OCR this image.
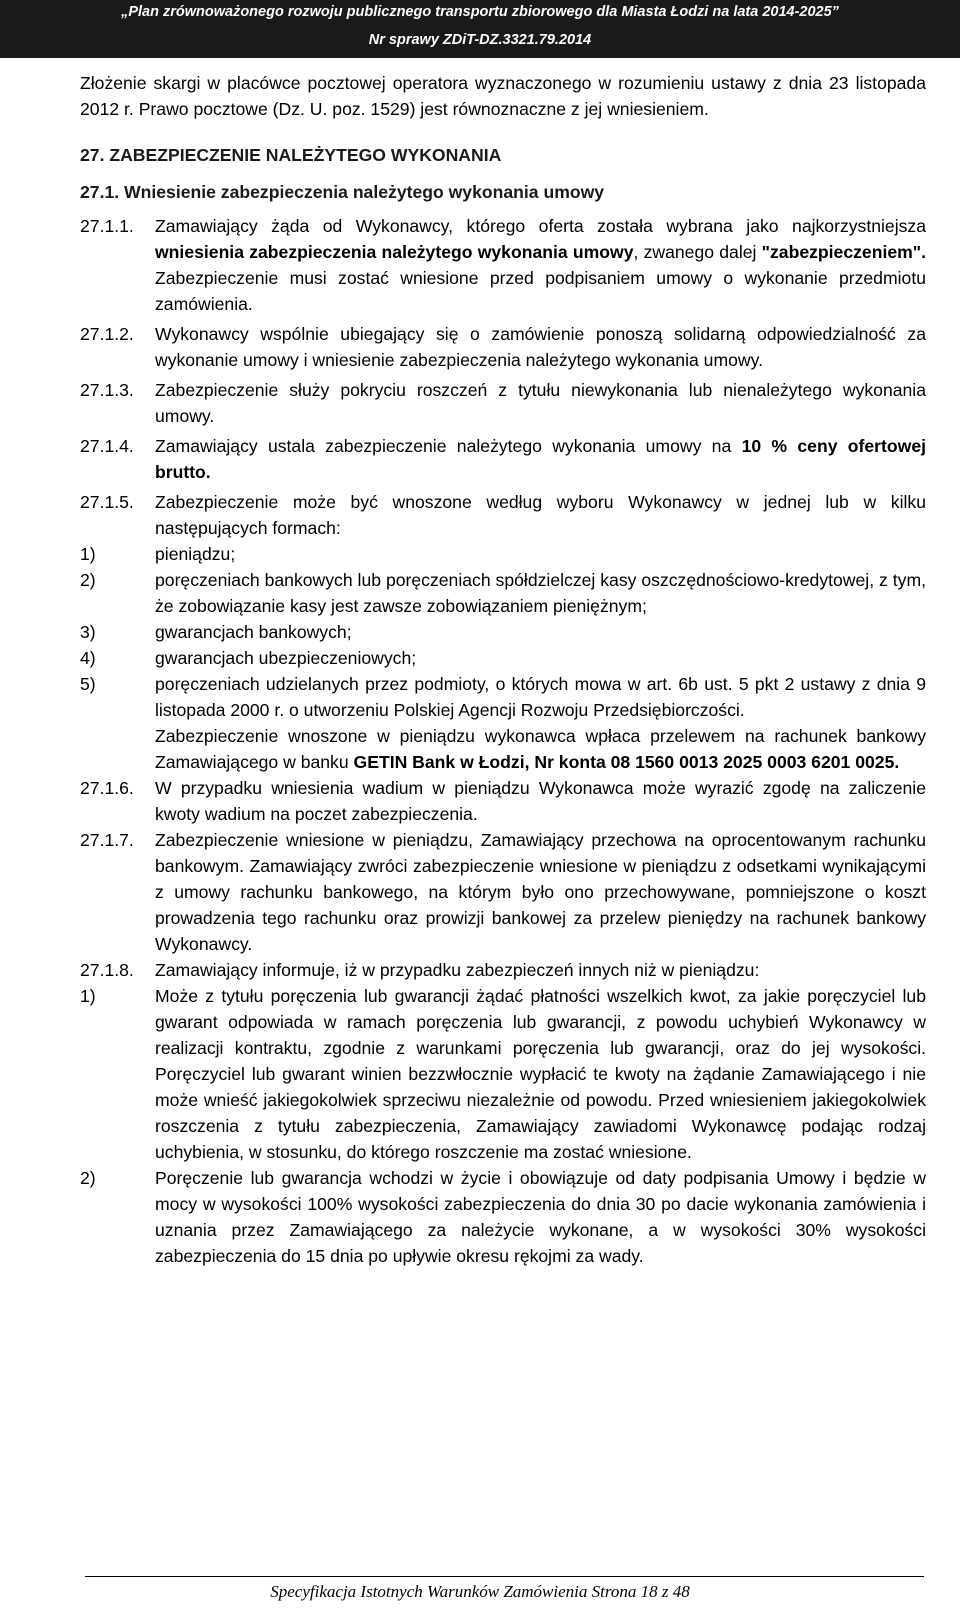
„Plan zrównoważonego rozwoju publicznego transportu zbiorowego dla Miasta Łodzi na lata 2014-2025”
Nr sprawy ZDiT-DZ.3321.79.2014

Złożenie skargi w placówce pocztowej operatora wyznaczonego w rozumieniu ustawy z dnia 23 listopada 2012 r. Prawo pocztowe (Dz. U. poz. 1529) jest równoznaczne z jej wniesieniem.

27. ZABEZPIECZENIE NALEŻYTEGO WYKONANIA

27.1. Wniesienie zabezpieczenia należytego wykonania umowy

27.1.1.	Zamawiający żąda od Wykonawcy, którego oferta została wybrana jako najkorzystniejsza wniesienia zabezpieczenia należytego wykonania umowy, zwanego dalej "zabezpieczeniem". Zabezpieczenie musi zostać wniesione przed podpisaniem umowy o wykonanie przedmiotu zamówienia.
27.1.2.	Wykonawcy wspólnie ubiegający się o zamówienie ponoszą solidarną odpowiedzialność za wykonanie umowy i wniesienie zabezpieczenia należytego wykonania umowy.
27.1.3.	Zabezpieczenie służy pokryciu roszczeń z tytułu niewykonania lub nienależytego wykonania umowy.
27.1.4.	Zamawiający ustala zabezpieczenie należytego wykonania umowy na 10 % ceny ofertowej brutto.
27.1.5.	Zabezpieczenie może być wnoszone według wyboru Wykonawcy w jednej lub w kilku następujących formach:
1)	pieniądzu;
2)	poręczeniach bankowych lub poręczeniach spółdzielczej kasy oszczędnościowo-kredytowej, z tym, że zobowiązanie kasy jest zawsze zobowiązaniem pieniężnym;
3)	gwarancjach bankowych;
4)	gwarancjach ubezpieczeniowych;
5)	poręczeniach udzielanych przez podmioty, o których mowa w art. 6b ust. 5 pkt 2 ustawy z dnia 9 listopada 2000 r. o utworzeniu Polskiej Agencji Rozwoju Przedsiębiorczości.

Zabezpieczenie wnoszone w pieniądzu wykonawca wpłaca przelewem na rachunek bankowy Zamawiającego w banku GETIN Bank w Łodzi, Nr konta 08 1560 0013 2025 0003 6201 0025.

27.1.6.	W przypadku wniesienia wadium w pieniądzu Wykonawca może wyrazić zgodę na zaliczenie kwoty wadium na poczet zabezpieczenia.
27.1.7.	Zabezpieczenie wniesione w pieniądzu, Zamawiający przechowa na oprocentowanym rachunku bankowym. Zamawiający zwróci zabezpieczenie wniesione w pieniądzu z odsetkami wynikającymi z umowy rachunku bankowego, na którym było ono przechowywane, pomniejszone o koszt prowadzenia tego rachunku oraz prowizji bankowej za przelew pieniędzy na rachunek bankowy Wykonawcy.
27.1.8.	Zamawiający informuje, iż w przypadku zabezpieczeń innych niż w pieniądzu:
1)	Może z tytułu poręczenia lub gwarancji żądać płatności wszelkich kwot, za jakie poręczyciel lub gwarant odpowiada w ramach poręczenia lub gwarancji, z powodu uchybień Wykonawcy w realizacji kontraktu, zgodnie z warunkami poręczenia lub gwarancji, oraz do jej wysokości. Poręczyciel lub gwarant winien bezzwłocznie wypłacić te kwoty na żądanie Zamawiającego i nie może wnieść jakiegokolwiek sprzeciwu niezależnie od powodu. Przed wniesieniem jakiegokolwiek roszczenia z tytułu zabezpieczenia, Zamawiający zawiadomi Wykonawcę podając rodzaj uchybienia, w stosunku, do którego roszczenie ma zostać wniesione.
2)	Poręczenie lub gwarancja wchodzi w życie i obowiązuje od daty podpisania Umowy i będzie w mocy w wysokości 100% wysokości zabezpieczenia do dnia 30 po dacie wykonania zamówienia i uznania przez Zamawiającego za należycie wykonane, a w wysokości 30% wysokości zabezpieczenia do 15 dnia po upływie okresu rękojmi za wady.
Specyfikacja Istotnych Warunków Zamówienia Strona 18 z 48
